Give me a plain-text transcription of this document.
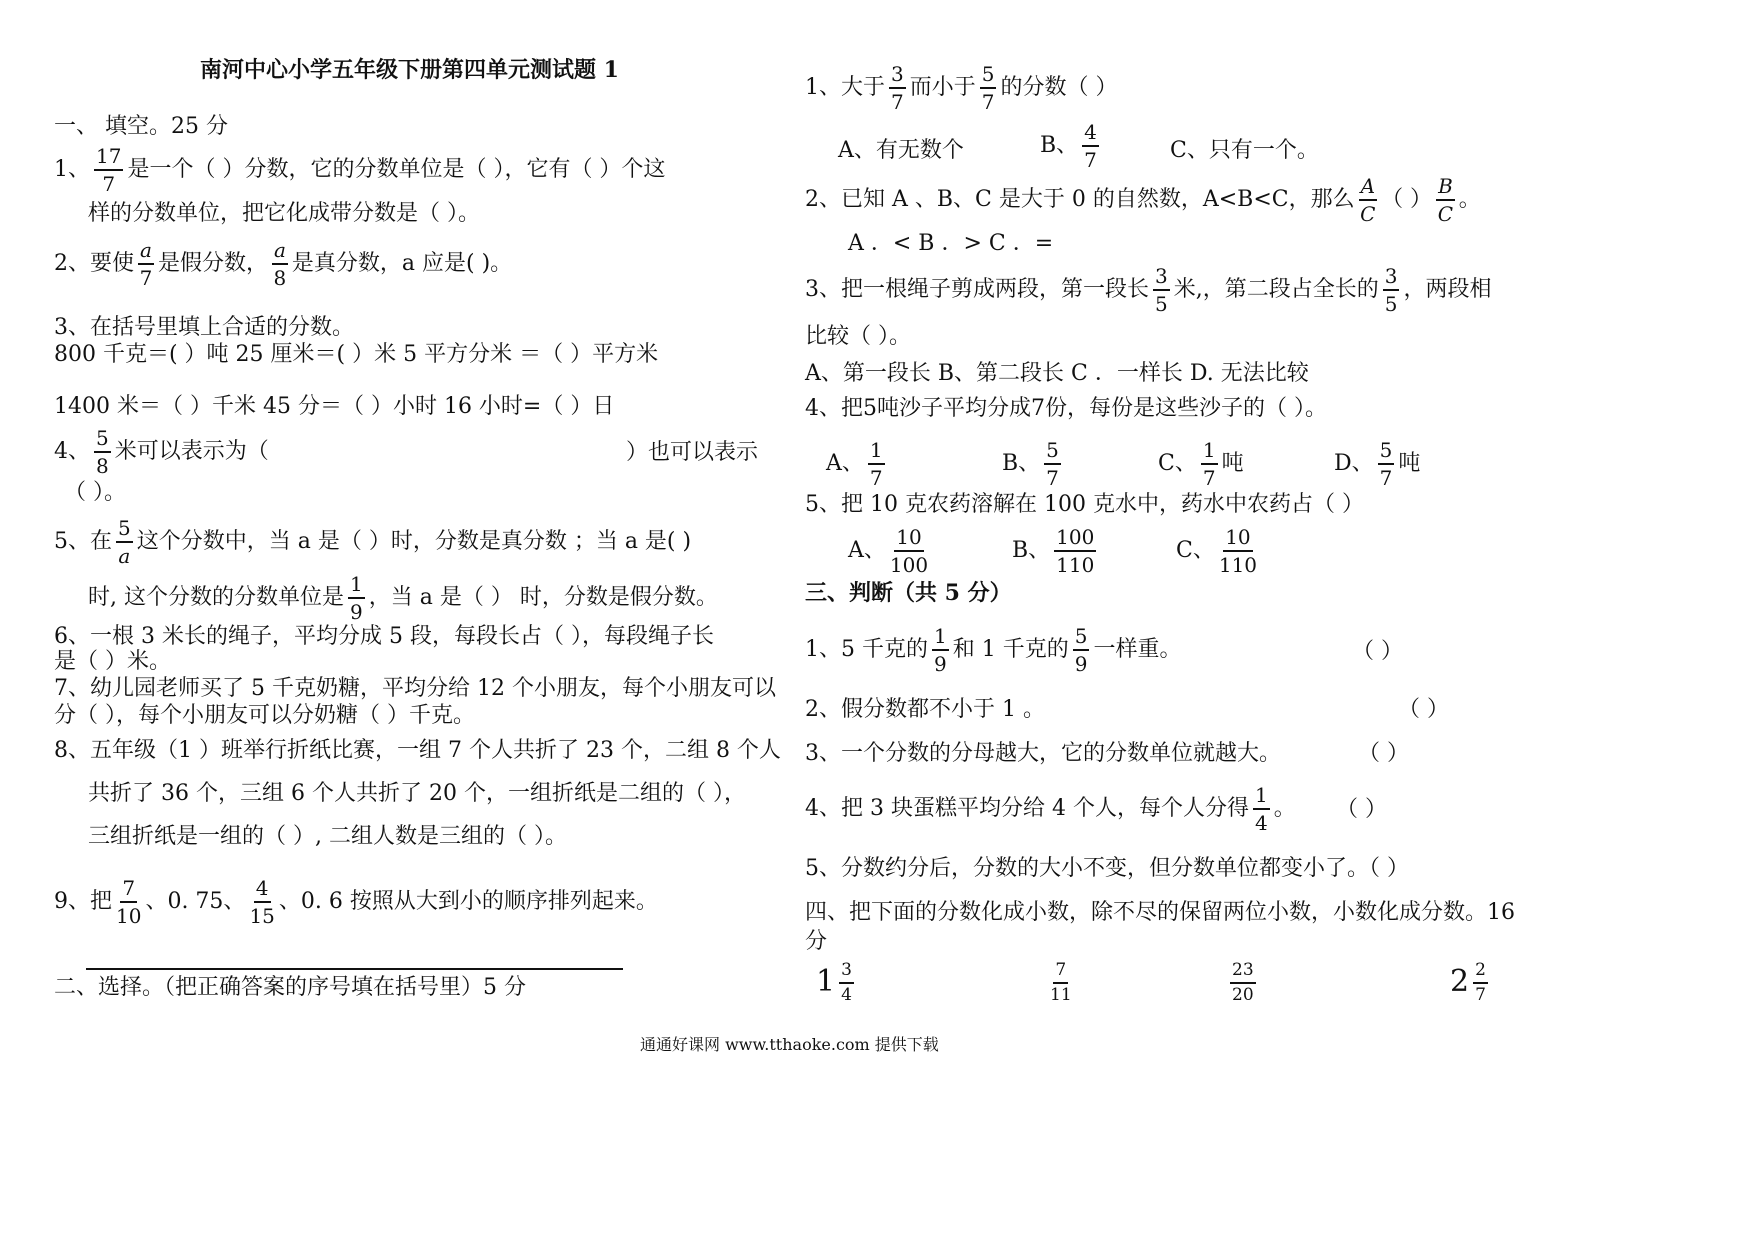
南河中心小学五年级下册第四单元测试题 1
一、 填空。25 分
1、 $\frac{17}{7}$ 是一个（ ）分数，它的分数单位是（ ），它有（ ）个这
样的分数单位，把它化成带分数是（ ）。
2、要使 $\frac{a}{7}$ 是假分数， $\frac{a}{8}$ 是真分数，a 应是( )。
3、在括号里填上合适的分数。
800 千克＝( ）吨 25 厘米＝( ）米 5 平方分米 ＝（ ）平方米
1400 米＝（ ）千米 45 分＝（ ）小时 16 小时=（ ）日
4、 $\frac{5}{8}$ 米可以表示为（	）也可以表示
（ ）。
5、在 $\frac{5}{a}$ 这个分数中，当 a 是（ ）时，分数是真分数 ；当 a 是( )
时, 这个分数的分数单位是 $\frac{1}{9}$ ，当 a 是（ ） 时，分数是假分数。
6、一根 3 米长的绳子，平均分成 5 段，每段长占（ ），每段绳子长
是（ ）米。
7、幼儿园老师买了 5 千克奶糖，平均分给 12 个小朋友，每个小朋友可以
分（ ），每个小朋友可以分奶糖（ ）千克。
8、五年级（1 ）班举行折纸比赛，一组 7 个人共折了 23 个，二组 8 个人
共折了 36 个，三组 6 个人共折了 20 个，一组折纸是二组的（ ），
三组折纸是一组的（ ）, 二组人数是三组的（ ）。
9、把 $\frac{7}{10}$ 、0. 75、 $\frac{4}{15}$ 、0. 6 按照从大到小的顺序排列起来。
二、选择。（把正确答案的序号填在括号里）5 分
1、大于 $\frac{3}{7}$ 而小于 $\frac{5}{7}$ 的分数（ ）
A、有无数个	B、 $\frac{4}{7}$	C、只有一个。
2、已知 A 、B、C 是大于 0 的自然数，A<B<C，那么 $\frac{A}{C}$ （ ） $\frac{B}{C}$ 。
A ．< B ．> C ．=
3、把一根绳子剪成两段，第一段长 $\frac{3}{5}$ 米,，第二段占全长的 $\frac{3}{5}$ ，两段相
比较（ ）。
A、第一段长 B、第二段长 C ．一样长 D. 无法比较
4、把5吨沙子平均分成7份，每份是这些沙子的（ ）。
A、 $\frac{1}{7}$	B、 $\frac{5}{7}$	C、 $\frac{1}{7}$ 吨	D、 $\frac{5}{7}$ 吨
5、把 10 克农药溶解在 100 克水中，药水中农药占（ ）
A、 $\frac{10}{100}$	B、 $\frac{100}{110}$	C、 $\frac{10}{110}$
三、判断（共 5 分）
1、5 千克的 $\frac{1}{9}$ 和 1 千克的 $\frac{5}{9}$ 一样重。	（ ）
2、假分数都不小于 1 。	（ ）
3、一个分数的分母越大，它的分数单位就越大。	（ ）
4、把 3 块蛋糕平均分给 4 个人，每个人分得 $\frac{1}{4}$ 。 （ ）
5、分数约分后，分数的大小不变，但分数单位都变小了。（ ）
四、把下面的分数化成小数，除不尽的保留两位小数，小数化成分数。16
分
$1 \frac{3}{4}$	$\frac{7}{11}$	$\frac{23}{20}$	$2 \frac{2}{7}$
通通好课网 www.tthaoke.com 提供下载
